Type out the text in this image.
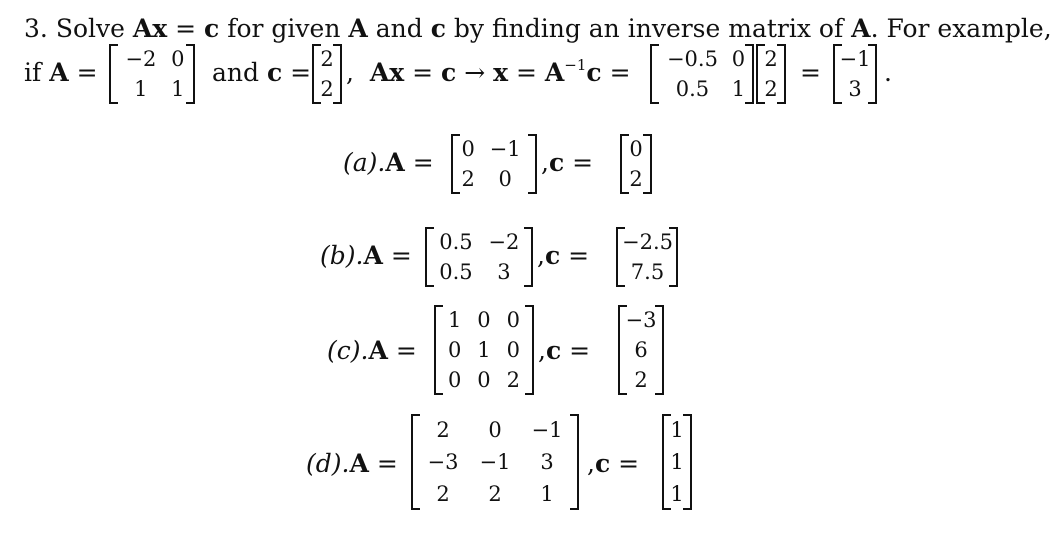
3. Solve Ax = c for given A and c by finding an inverse matrix of A. For example,
if A = −2	0
1	1
and c = 2
2
, $Ax = c \to x = A^{-1}c = -0.5$	0
0.5	1
2
2
= −1
3
.
(a).A = 0	−1
2	0
,c = 0
2
(b).A = 0.5	−2
0.5	3
,c = −2.5
7.5
(c).A =
1	0	0
0	1	0
0	0	2
,c =
−3
6
2
(d).A =
2	0	−1
−3	−1	3
2	2	1
,c =
1
1
1
